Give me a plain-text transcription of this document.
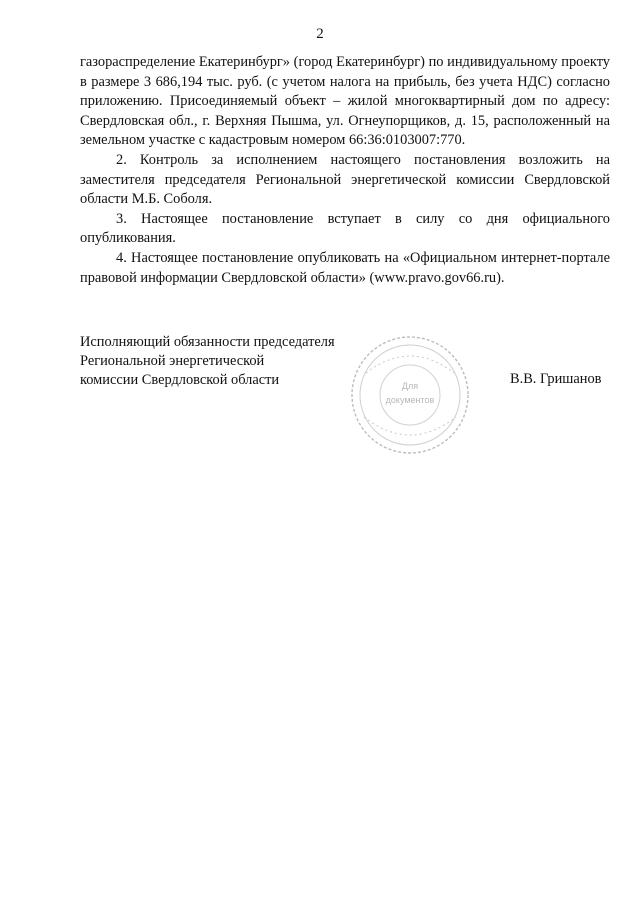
2

газораспределение Екатеринбург» (город Екатеринбург) по индивидуальному проекту в размере 3 686,194 тыс. руб. (с учетом налога на прибыль, без учета НДС) согласно приложению. Присоединяемый объект – жилой многоквартирный дом по адресу: Свердловская обл., г. Верхняя Пышма, ул. Огнеупорщиков, д. 15, расположенный на земельном участке с кадастровым номером 66:36:0103007:770.

2. Контроль за исполнением настоящего постановления возложить на заместителя председателя Региональной энергетической комиссии Свердловской области М.Б. Соболя.

3. Настоящее постановление вступает в силу со дня официального опубликования.

4. Настоящее постановление опубликовать на «Официальном интернет-портале правовой информации Свердловской области» (www.pravo.gov66.ru).

Исполняющий обязанности председателя
Региональной энергетической
комиссии Свердловской области	Для
документов
В.В. Гришанов
